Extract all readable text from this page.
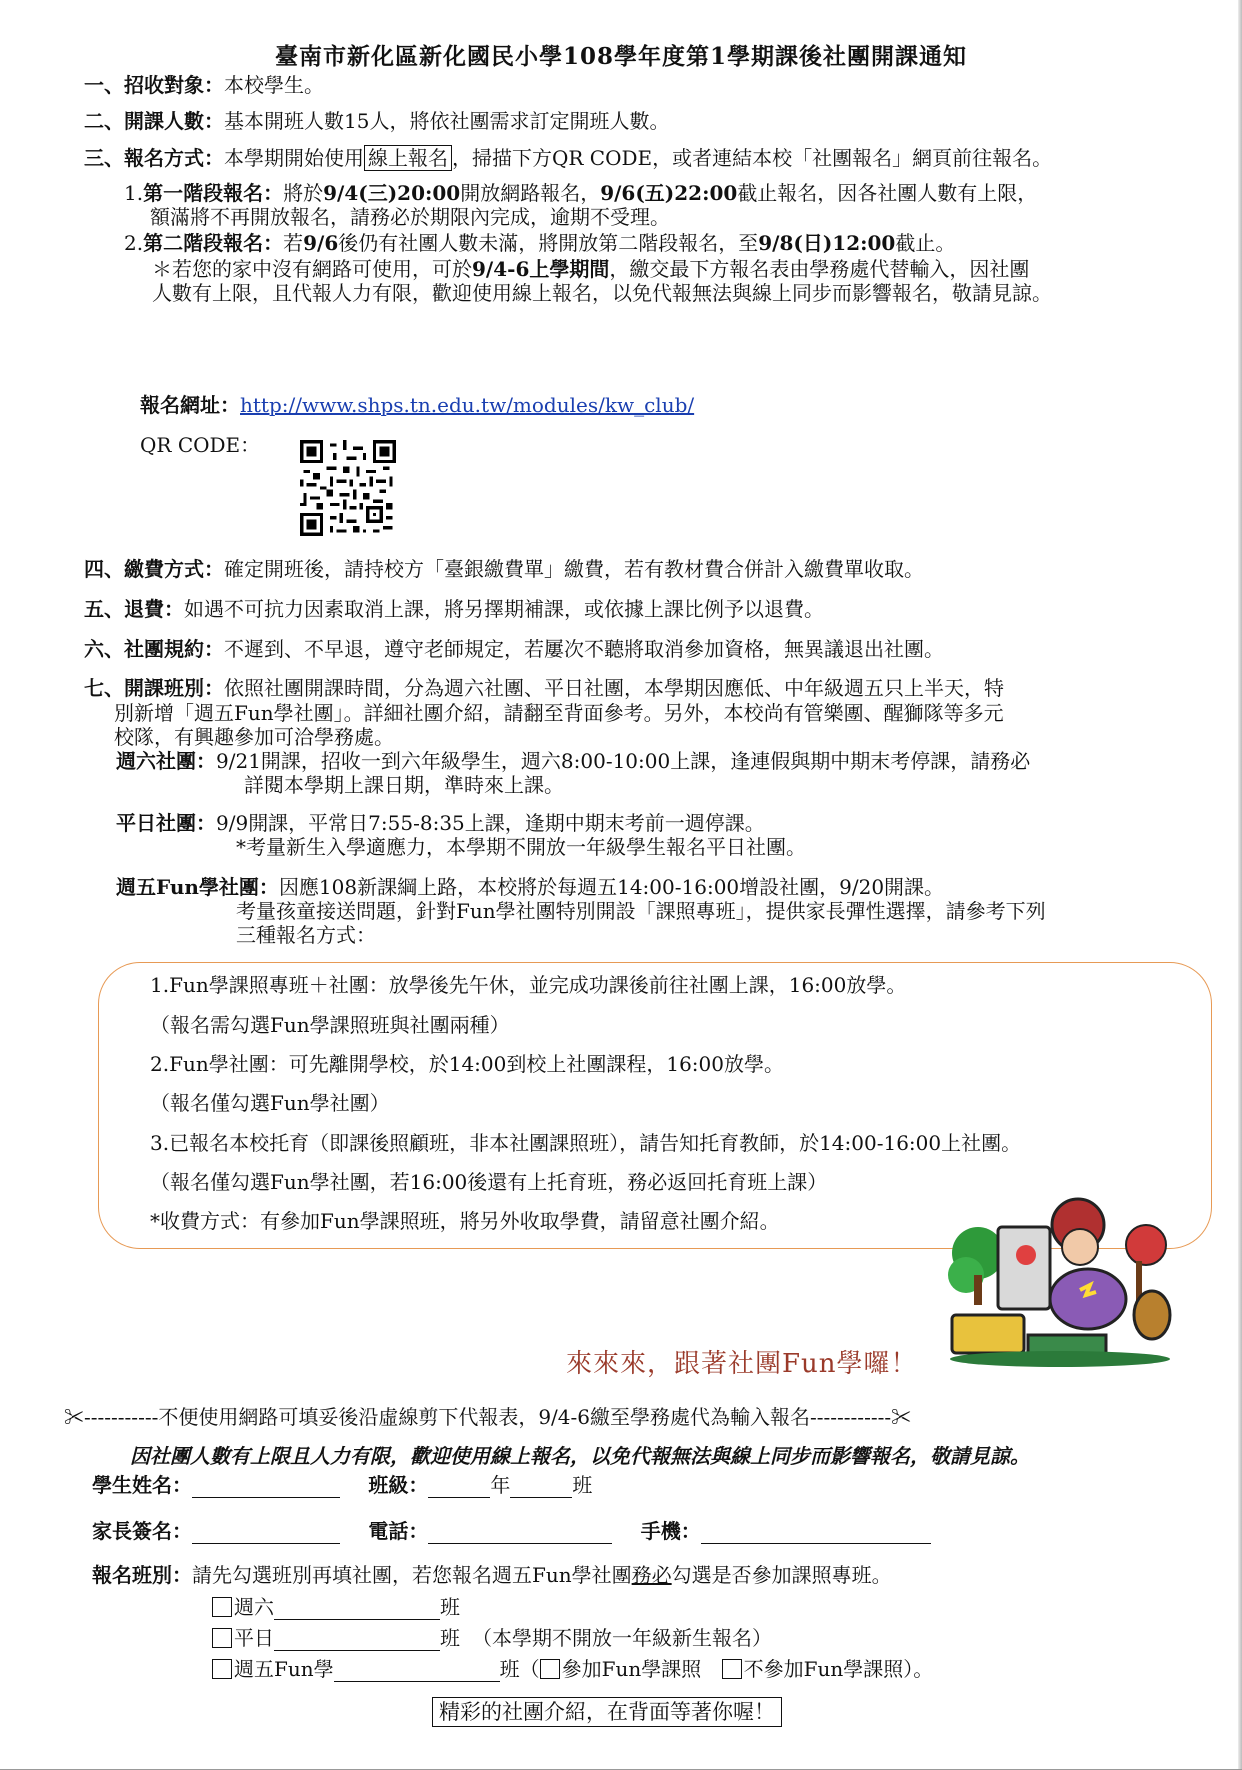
臺南市新化區新化國民小學108學年度第1學期課後社團開課通知
一、招收對象：本校學生。
二、開課人數：基本開班人數15人，將依社團需求訂定開班人數。
三、報名方式：本學期開始使用 線上報名 ，掃描下方QR CODE，或者連結本校「社團報名」網頁前往報名。
1.第一階段報名：將於9/4(三)20:00開放網路報名，9/6(五)22:00截止報名，因各社團人數有上限，
額滿將不再開放報名，請務必於期限內完成，逾期不受理。
2.第二階段報名：若9/6後仍有社團人數未滿，將開放第二階段報名，至9/8(日)12:00截止。
＊若您的家中沒有網路可使用，可於9/4-6上學期間，繳交最下方報名表由學務處代替輸入，因社團
人數有上限，且代報人力有限，歡迎使用線上報名，以免代報無法與線上同步而影響報名，敬請見諒。
報名網址：http://www.shps.tn.edu.tw/modules/kw_club/
QR CODE：
四、繳費方式：確定開班後，請持校方「臺銀繳費單」繳費，若有教材費合併計入繳費單收取。
五、退費：如遇不可抗力因素取消上課，將另擇期補課，或依據上課比例予以退費。
六、社團規約：不遲到、不早退，遵守老師規定，若屢次不聽將取消參加資格，無異議退出社團。
七、開課班別：依照社團開課時間，分為週六社團、平日社團，本學期因應低、中年級週五只上半天，特
別新增「週五Fun學社團」。詳細社團介紹，請翻至背面參考。另外，本校尚有管樂團、醒獅隊等多元
校隊，有興趣參加可洽學務處。
週六社團：9/21開課，招收一到六年級學生，週六8:00-10:00上課，逢連假與期中期末考停課，請務必
詳閱本學期上課日期，準時來上課。
平日社團：9/9開課，平常日7:55-8:35上課，逢期中期末考前一週停課。
*考量新生入學適應力，本學期不開放一年級學生報名平日社團。
週五Fun學社團：因應108新課綱上路，本校將於每週五14:00-16:00增設社團，9/20開課。
考量孩童接送問題，針對Fun學社團特別開設「課照專班」，提供家長彈性選擇，請參考下列
三種報名方式：
1.Fun學課照專班＋社團：放學後先午休，並完成功課後前往社團上課，16:00放學。
（報名需勾選Fun學課照班與社團兩種）
2.Fun學社團：可先離開學校，於14:00到校上社團課程，16:00放學。
（報名僅勾選Fun學社團）
3.已報名本校托育（即課後照顧班，非本社團課照班），請告知托育教師，於14:00-16:00上社團。
（報名僅勾選Fun學社團，若16:00後還有上托育班，務必返回托育班上課）
*收費方式：有參加Fun學課照班，將另外收取學費，請留意社團介紹。
來來來，跟著社團Fun學囉！
✂-----------不便使用網路可填妥後沿虛線剪下代報表，9/4-6繳至學務處代為輸入報名------------✂
因社團人數有上限且人力有限，歡迎使用線上報名，以免代報無法與線上同步而影響報名，敬請見諒。
學生姓名：	班級：	年	班
家長簽名：	電話：	手機：
報名班別：請先勾選班別再填社團，若您報名週五Fun學社團務必勾選是否參加課照專班。
週六	班
平日	班 （本學期不開放一年級新生報名）
週五Fun學	班（ 參加Fun學課照 不參加Fun學課照）。
精彩的社團介紹，在背面等著你喔！
